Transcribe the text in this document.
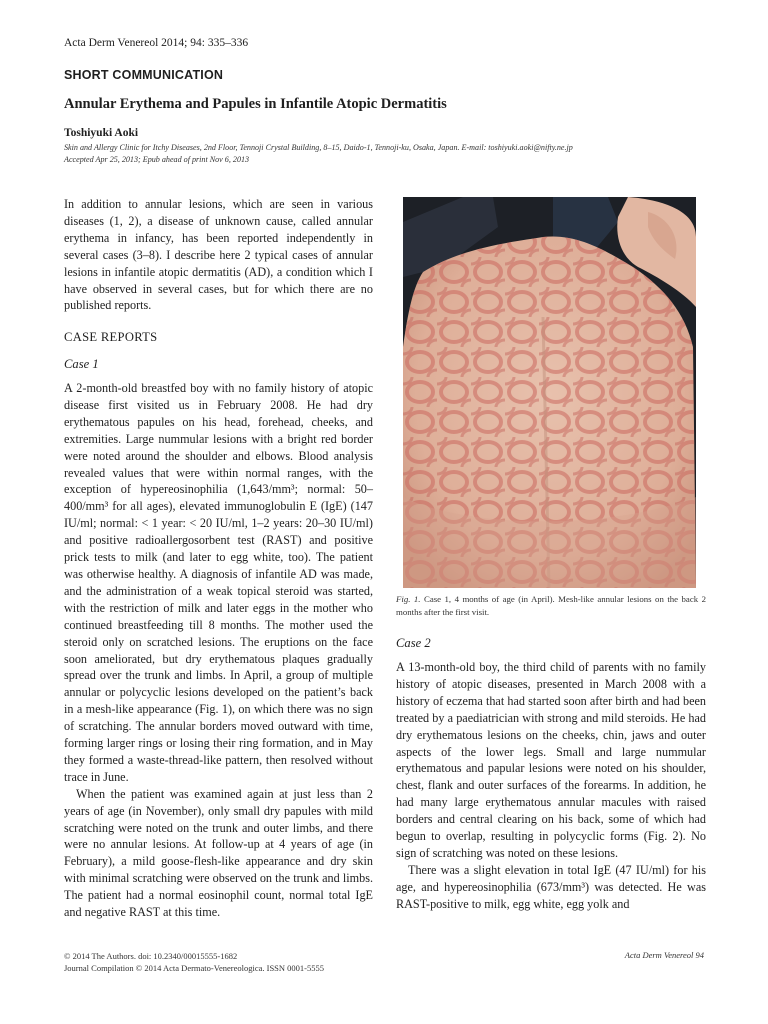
Acta Derm Venereol 2014; 94: 335–336
SHORT COMMUNICATION
Annular Erythema and Papules in Infantile Atopic Dermatitis
Toshiyuki Aoki
Skin and Allergy Clinic for Itchy Diseases, 2nd Floor, Tennoji Crystal Building, 8–15, Daido-1, Tennoji-ku, Osaka, Japan. E-mail: toshiyuki.aoki@nifty.ne.jp
Accepted Apr 25, 2013; Epub ahead of print Nov 6, 2013

In addition to annular lesions, which are seen in various diseases (1, 2), a disease of unknown cause, called annular erythema in infancy, has been reported independently in several cases (3–8). I describe here 2 typical cases of annular lesions in infantile atopic dermatitis (AD), a condition which I have observed in several cases, but for which there are no published reports.

CASE REPORTS
Case 1

A 2-month-old breastfed boy with no family history of atopic disease first visited us in February 2008. He had dry erythematous papules on his head, forehead, cheeks, and extremities. Large nummular lesions with a bright red border were noted around the shoulder and elbows. Blood analysis revealed values that were within normal ranges, with the exception of hypereosinophilia (1,643/mm³; normal: 50–400/mm³ for all ages), elevated immunoglobulin E (IgE) (147 IU/ml; normal: < 1 year: < 20 IU/ml, 1–2 years: 20–30 IU/ml) and positive radioallergosorbent test (RAST) and positive prick tests to milk (and later to egg white, too). The patient was otherwise healthy. A diagnosis of infantile AD was made, and the administration of a weak topical steroid was started, with the restriction of milk and later eggs in the mother who continued breastfeeding till 8 months. The mother used the steroid only on scratched lesions. The eruptions on the face soon ameliorated, but dry erythematous plaques gradually spread over the trunk and limbs. In April, a group of multiple annular or polycyclic lesions developed on the patient’s back in a mesh-like appearance (Fig. 1), on which there was no sign of scratching. The annular borders moved outward with time, forming larger rings or losing their ring formation, and in May they formed a waste-thread-like pattern, then resolved without trace in June.

When the patient was examined again at just less than 2 years of age (in November), only small dry papules with mild scratching were noted on the trunk and outer limbs, and there were no annular lesions. At follow-up at 4 years of age (in February), a mild goose-flesh-like appearance and dry skin with minimal scratching were observed on the trunk and limbs. The patient had a normal eosinophil count, normal total IgE and negative RAST at this time.

Fig. 1. Case 1, 4 months of age (in April). Mesh-like annular lesions on the back 2 months after the first visit.
Case 2

A 13-month-old boy, the third child of parents with no family history of atopic diseases, presented in March 2008 with a history of eczema that had started soon after birth and had been treated by a paediatrician with strong and mild steroids. He had dry erythematous lesions on the cheeks, chin, jaws and outer aspects of the lower legs. Small and large nummular erythematous and papular lesions were noted on his shoulder, chest, flank and outer surfaces of the forearms. In addition, he had many large erythematous annular macules with raised borders and central clearing on his back, some of which had begun to overlap, resulting in polycyclic forms (Fig. 2). No sign of scratching was noted on these lesions.

There was a slight elevation in total IgE (47 IU/ml) for his age, and hypereosinophilia (673/mm³) was detected. He was RAST-positive to milk, egg white, egg yolk and

© 2014 The Authors. doi: 10.2340/00015555-1682
Journal Compilation © 2014 Acta Dermato-Venereologica. ISSN 0001-5555
Acta Derm Venereol 94
